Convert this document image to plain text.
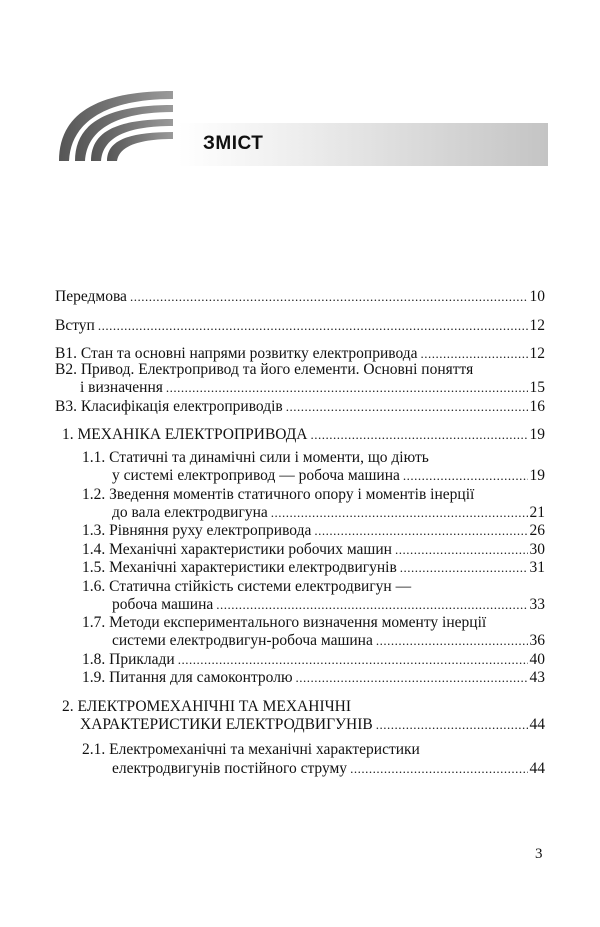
ЗМІСТ
Передмова .....	10
Вступ .....	12
В1. Стан та основні напрями розвитку електропривода .....	12
В2. Привод. Електропривод та його елементи. Основні поняття
і визначення .....	15
В3. Класифікація електроприводів .....	16
1. МЕХАНІКА ЕЛЕКТРОПРИВОДА .....	19
1.1. Статичні та динамічні сили і моменти, що діють
у системі електропривод — робоча машина .....	19
1.2. Зведення моментів статичного опору і моментів інерції
до вала електродвигуна .....	21
1.3. Рівняння руху електропривода .....	26
1.4. Механічні характеристики робочих машин .....	30
1.5. Механічні характеристики електродвигунів .....	31
1.6. Статична стійкість системи електродвигун —
робоча машина .....	33
1.7. Методи експериментального визначення моменту інерції
системи електродвигун-робоча машина .....	36
1.8. Приклади .....	40
1.9. Питання для самоконтролю .....	43
2. ЕЛЕКТРОМЕХАНІЧНІ ТА МЕХАНІЧНІ
ХАРАКТЕРИСТИКИ ЕЛЕКТРОДВИГУНІВ .....	44
2.1. Електромеханічні та механічні характеристики
електродвигунів постійного струму .....	44
3
